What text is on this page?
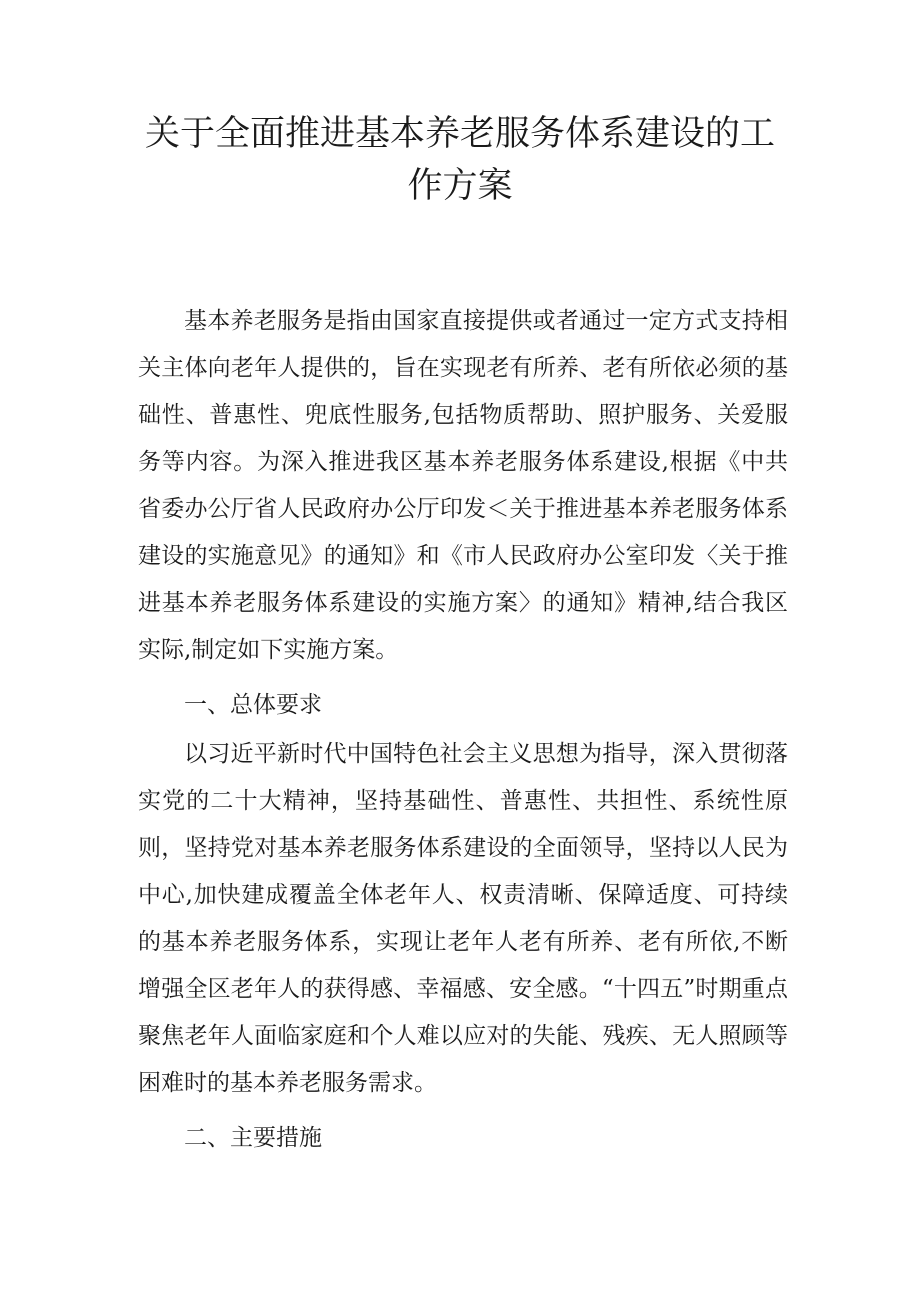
关于全面推进基本养老服务体系建设的工
作方案

基本养老服务是指由国家直接提供或者通过一定方式支持相关主体向老年人提供的，旨在实现老有所养、老有所依必须的基础性、普惠性、兜底性服务,包括物质帮助、照护服务、关爱服务等内容。为深入推进我区基本养老服务体系建设,根据《中共省委办公厅省人民政府办公厅印发＜关于推进基本养老服务体系建设的实施意见》的通知》和《市人民政府办公室印发〈关于推进基本养老服务体系建设的实施方案〉的通知》精神,结合我区实际,制定如下实施方案。

一、总体要求

以习近平新时代中国特色社会主义思想为指导，深入贯彻落实党的二十大精神，坚持基础性、普惠性、共担性、系统性原则，坚持党对基本养老服务体系建设的全面领导，坚持以人民为中心,加快建成覆盖全体老年人、权责清晰、保障适度、可持续的基本养老服务体系，实现让老年人老有所养、老有所依,不断增强全区老年人的获得感、幸福感、安全感。“十四五”时期重点聚焦老年人面临家庭和个人难以应对的失能、残疾、无人照顾等困难时的基本养老服务需求。

二、主要措施
